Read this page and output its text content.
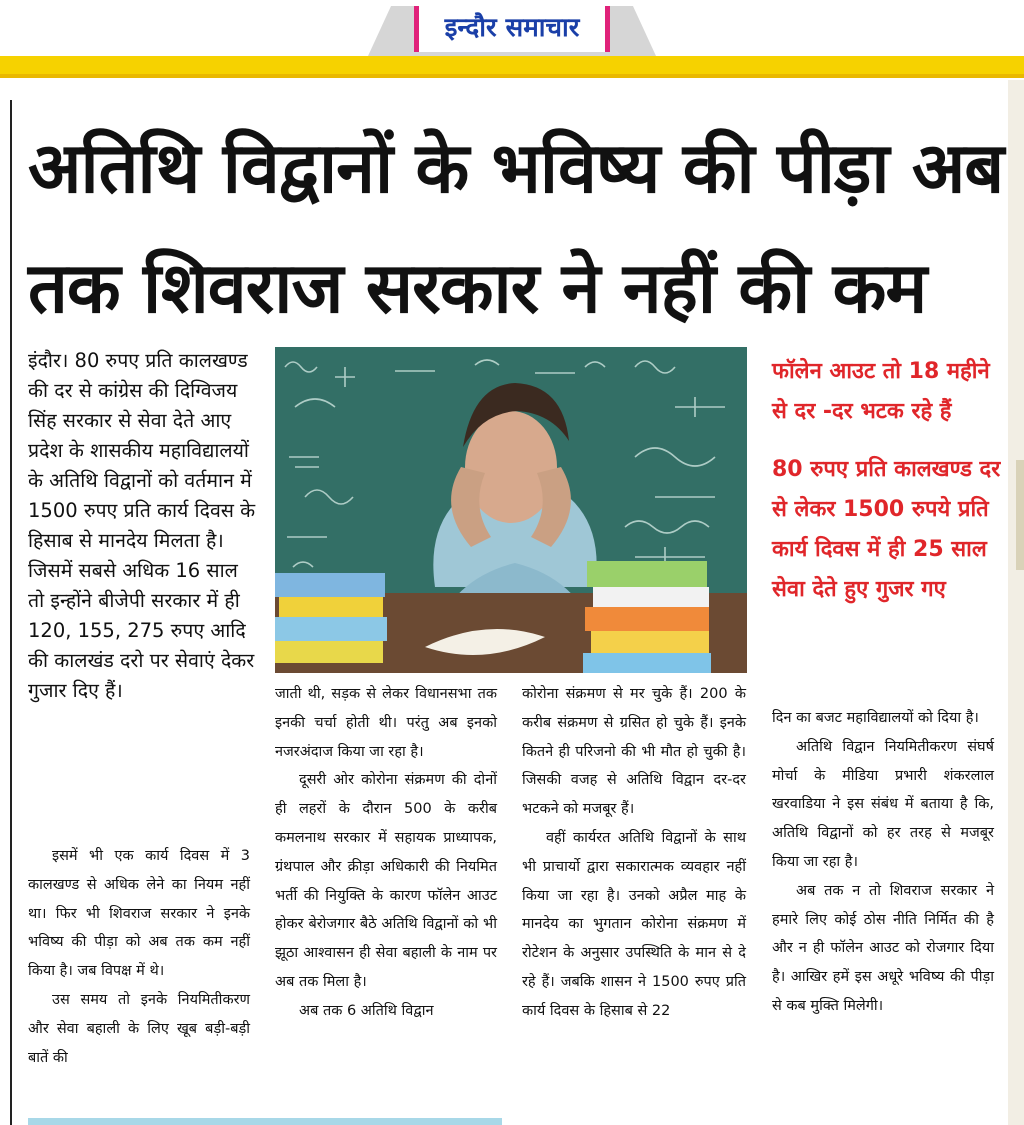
इन्दौर समाचार
अतिथि विद्वानों के भविष्य की पीड़ा अब
तक शिवराज सरकार ने नहीं की कम

इंदौर। 80 रुपए प्रति कालखण्ड की दर से कांग्रेस की दिग्विजय सिंह सरकार से सेवा देते आए प्रदेश के शासकीय महाविद्यालयों के अतिथि विद्वानों को वर्तमान में 1500 रुपए प्रति कार्य दिवस के हिसाब से मानदेय मिलता है। जिसमें सबसे अधिक 16 साल तो इन्होंने बीजेपी सरकार में ही 120, 155, 275 रुपए आदि की कालखंड दरो पर सेवाएं देकर गुजार दिए हैं।

फॉलेन आउट तो 18 महीने से दर -दर भटक रहे हैं

80 रुपए प्रति कालखण्ड दर से लेकर 1500 रुपये प्रति कार्य दिवस में ही 25 साल सेवा देते हुए गुजर गए

इसमें भी एक कार्य दिवस में 3 कालखण्ड से अधिक लेने का नियम नहीं था। फिर भी शिवराज सरकार ने इनके भविष्य की पीड़ा को अब तक कम नहीं किया है। जब विपक्ष में थे।

उस समय तो इनके नियमितीकरण और सेवा बहाली के लिए खूब बड़ी-बड़ी बातें की

जाती थी, सड़क से लेकर विधानसभा तक इनकी चर्चा होती थी। परंतु अब इनको नजरअंदाज किया जा रहा है।

दूसरी ओर कोरोना संक्रमण की दोनों ही लहरों के दौरान 500 के करीब कमलनाथ सरकार में सहायक प्राध्यापक, ग्रंथपाल और क्रीड़ा अधिकारी की नियमित भर्ती की नियुक्ति के कारण फॉलेन आउट होकर बेरोजगार बैठे अतिथि विद्वानों को भी झूठा आश्वासन ही सेवा बहाली के नाम पर अब तक मिला है।

अब तक 6 अतिथि विद्वान

कोरोना संक्रमण से मर चुके हैं। 200 के करीब संक्रमण से ग्रसित हो चुके हैं। इनके कितने ही परिजनो की भी मौत हो चुकी है। जिसकी वजह से अतिथि विद्वान दर-दर भटकने को मजबूर हैं।

वहीं कार्यरत अतिथि विद्वानों के साथ भी प्राचार्यो द्वारा सकारात्मक व्यवहार नहीं किया जा रहा है। उनको अप्रैल माह के मानदेय का भुगतान कोरोना संक्रमण में रोटेशन के अनुसार उपस्थिति के मान से दे रहे हैं। जबकि शासन ने 1500 रुपए प्रति कार्य दिवस के हिसाब से 22

दिन का बजट महाविद्यालयों को दिया है।

अतिथि विद्वान नियमितीकरण संघर्ष मोर्चा के मीडिया प्रभारी शंकरलाल खरवाडिया ने इस संबंध में बताया है कि, अतिथि विद्वानों को हर तरह से मजबूर किया जा रहा है।

अब तक न तो शिवराज सरकार ने हमारे लिए कोई ठोस नीति निर्मित की है और न ही फॉलेन आउट को रोजगार दिया है। आखिर हमें इस अधूरे भविष्य की पीड़ा से कब मुक्ति मिलेगी।
